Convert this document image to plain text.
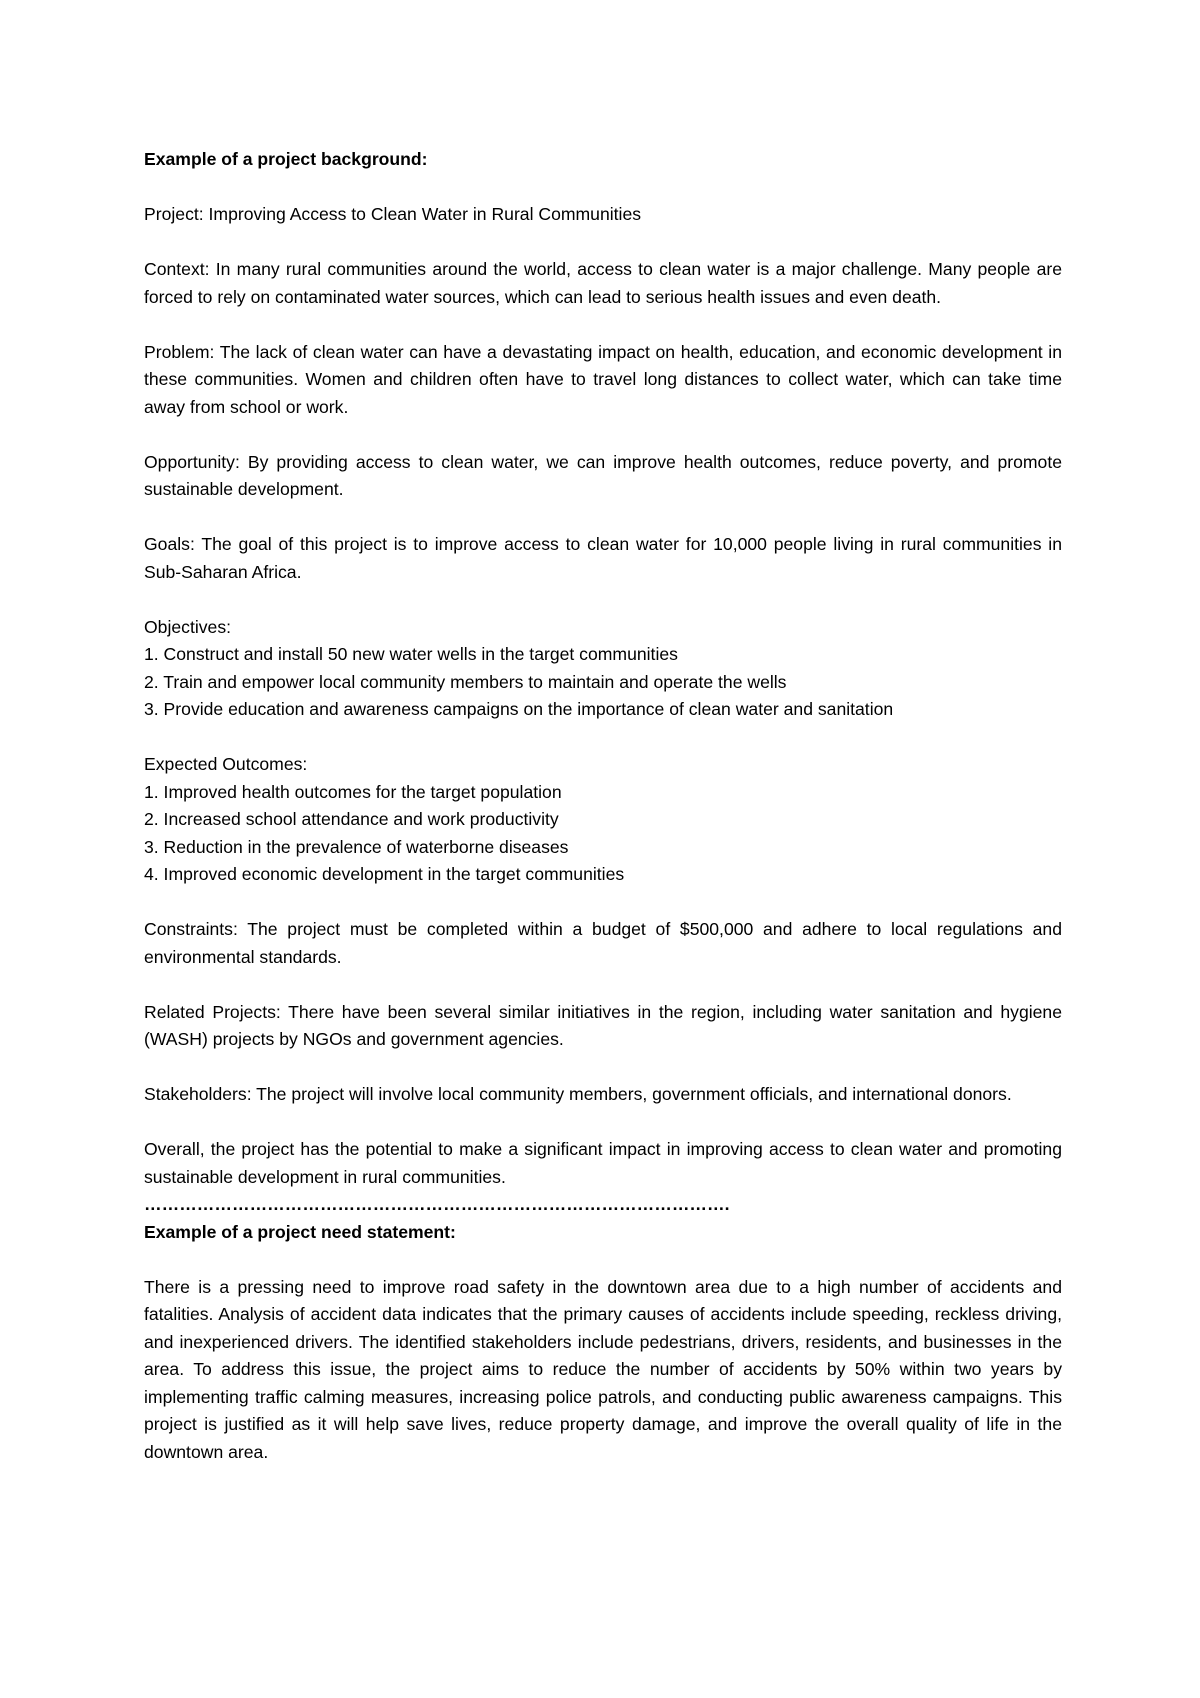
Example of a project background:

Project: Improving Access to Clean Water in Rural Communities

Context: In many rural communities around the world, access to clean water is a major challenge. Many people are forced to rely on contaminated water sources, which can lead to serious health issues and even death.

Problem: The lack of clean water can have a devastating impact on health, education, and economic development in these communities. Women and children often have to travel long distances to collect water, which can take time away from school or work.

Opportunity: By providing access to clean water, we can improve health outcomes, reduce poverty, and promote sustainable development.

Goals: The goal of this project is to improve access to clean water for 10,000 people living in rural communities in Sub-Saharan Africa.

Objectives:

1. Construct and install 50 new water wells in the target communities
2. Train and empower local community members to maintain and operate the wells
3. Provide education and awareness campaigns on the importance of clean water and sanitation

Expected Outcomes:

1. Improved health outcomes for the target population
2. Increased school attendance and work productivity
3. Reduction in the prevalence of waterborne diseases
4. Improved economic development in the target communities

Constraints: The project must be completed within a budget of $500,000 and adhere to local regulations and environmental standards.

Related Projects: There have been several similar initiatives in the region, including water sanitation and hygiene (WASH) projects by NGOs and government agencies.

Stakeholders: The project will involve local community members, government officials, and international donors.

Overall, the project has the potential to make a significant impact in improving access to clean water and promoting sustainable development in rural communities.

……………………………………………………………………………………….

Example of a project need statement:

There is a pressing need to improve road safety in the downtown area due to a high number of accidents and fatalities. Analysis of accident data indicates that the primary causes of accidents include speeding, reckless driving, and inexperienced drivers. The identified stakeholders include pedestrians, drivers, residents, and businesses in the area. To address this issue, the project aims to reduce the number of accidents by 50% within two years by implementing traffic calming measures, increasing police patrols, and conducting public awareness campaigns. This project is justified as it will help save lives, reduce property damage, and improve the overall quality of life in the downtown area.
